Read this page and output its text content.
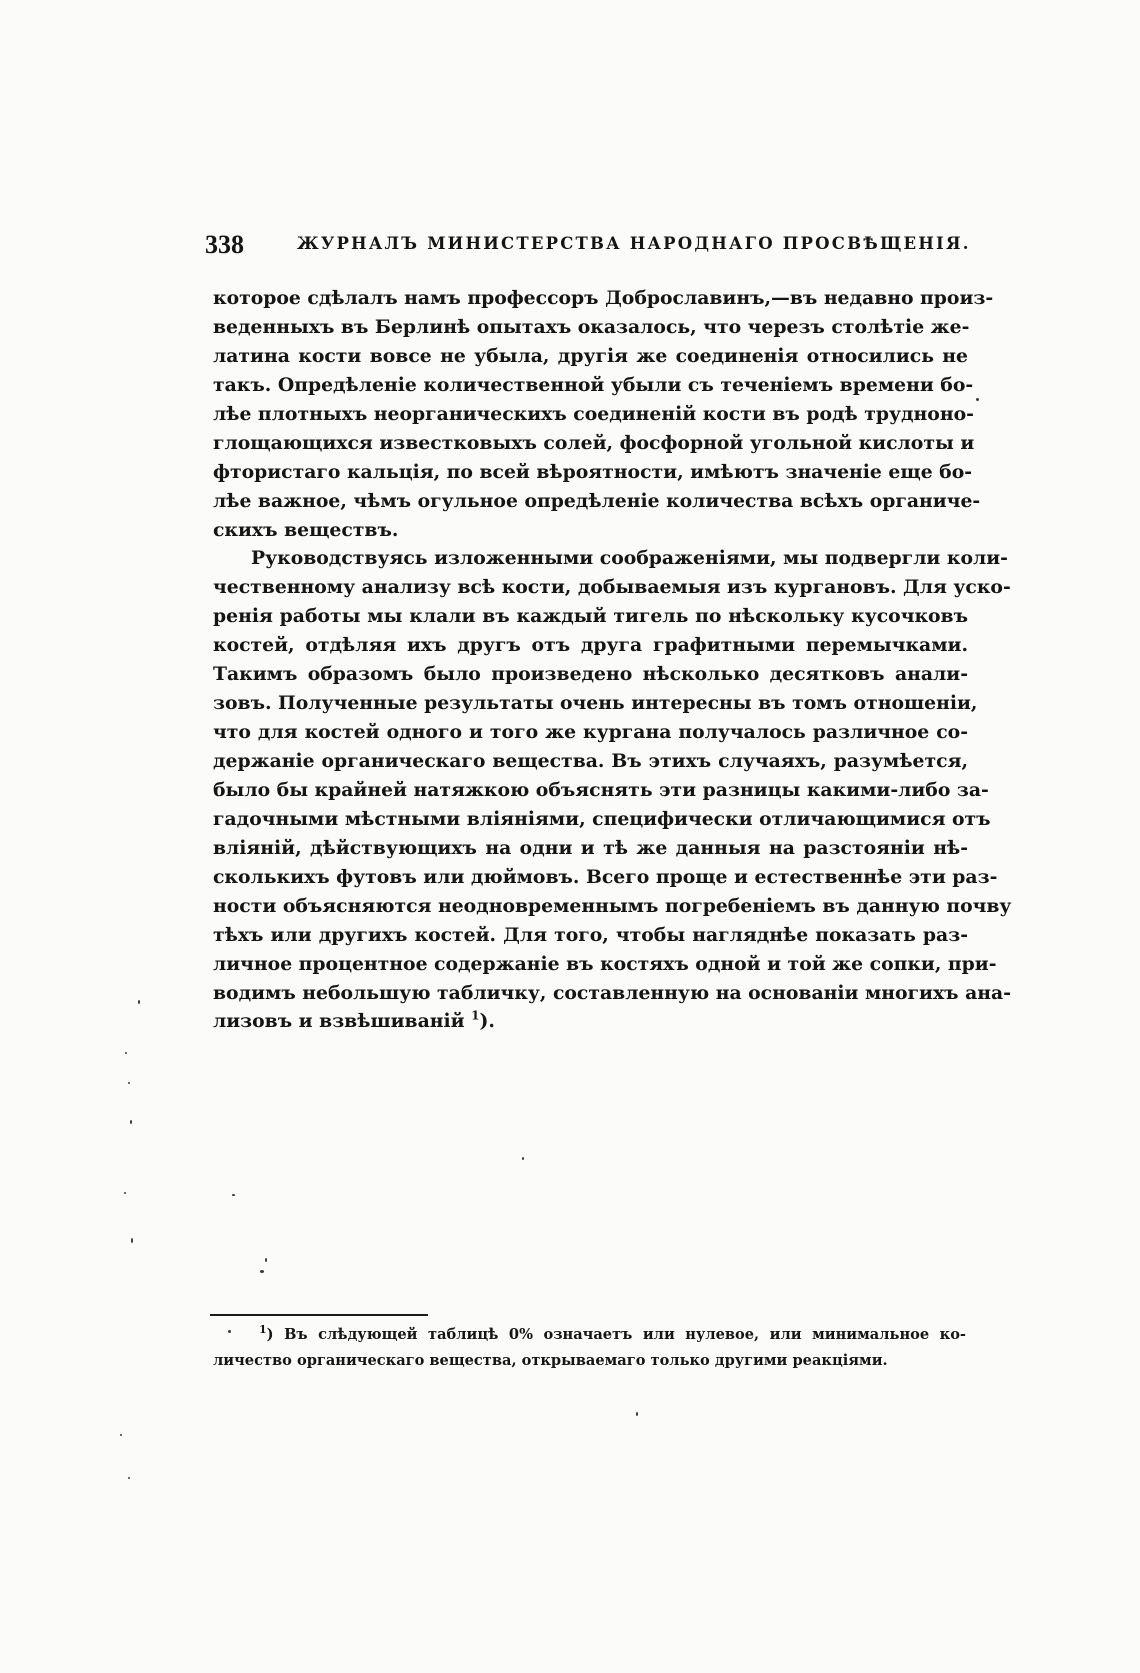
338	ЖУРНАЛЪ МИНИСТЕРСТВА НАРОДНАГО ПРОСВѢЩЕНІЯ.
которое сдѣлалъ намъ профессоръ Доброславинъ,—въ недавно произ-
веденныхъ въ Берлинѣ опытахъ оказалось, что черезъ столѣтіе же-
латина кости вовсе не убыла, другія же соединенія относились не
такъ. Опредѣленіе количественной убыли съ теченіемъ времени бо-
лѣе плотныхъ неорганическихъ соединеній кости въ родѣ трудноно-
глощающихся известковыхъ солей, фосфорной угольной кислоты и
фтористаго кальція, по всей вѣроятности, имѣютъ значеніе еще бо-
лѣе важное, чѣмъ огульное опредѣленіе количества всѣхъ органиче-
скихъ веществъ.
Руководствуясь изложенными соображеніями, мы подвергли коли-
чественному анализу всѣ кости, добываемыя изъ кургановъ. Для уско-
ренія работы мы клали въ каждый тигель по нѣскольку кусочковъ
костей, отдѣляя ихъ другъ отъ друга графитными перемычками.
Такимъ образомъ было произведено нѣсколько десятковъ анали-
зовъ. Полученные результаты очень интересны въ томъ отношеніи,
что для костей одного и того же кургана получалось различное со-
держаніе органическаго вещества. Въ этихъ случаяхъ, разумѣется,
было бы крайней натяжкою объяснять эти разницы какими-либо за-
гадочными мѣстными вліяніями, специфически отличающимися отъ
вліяній, дѣйствующихъ на одни и тѣ же данныя на разстояніи нѣ-
сколькихъ футовъ или дюймовъ. Всего проще и естественнѣе эти раз-
ности объясняются неодновременнымъ погребеніемъ въ данную почву
тѣхъ или другихъ костей. Для того, чтобы нагляднѣе показать раз-
личное процентное содержаніе въ костяхъ одной и той же сопки, при-
водимъ небольшую табличку, составленную на основаніи многихъ ана-
лизовъ и взвѣшиваній $^1$).
$^1$) Въ слѣдующей таблицѣ 0% означаетъ или нулевое, или минимальное ко-
личество органическаго вещества, открываемаго только другими реакціями.
